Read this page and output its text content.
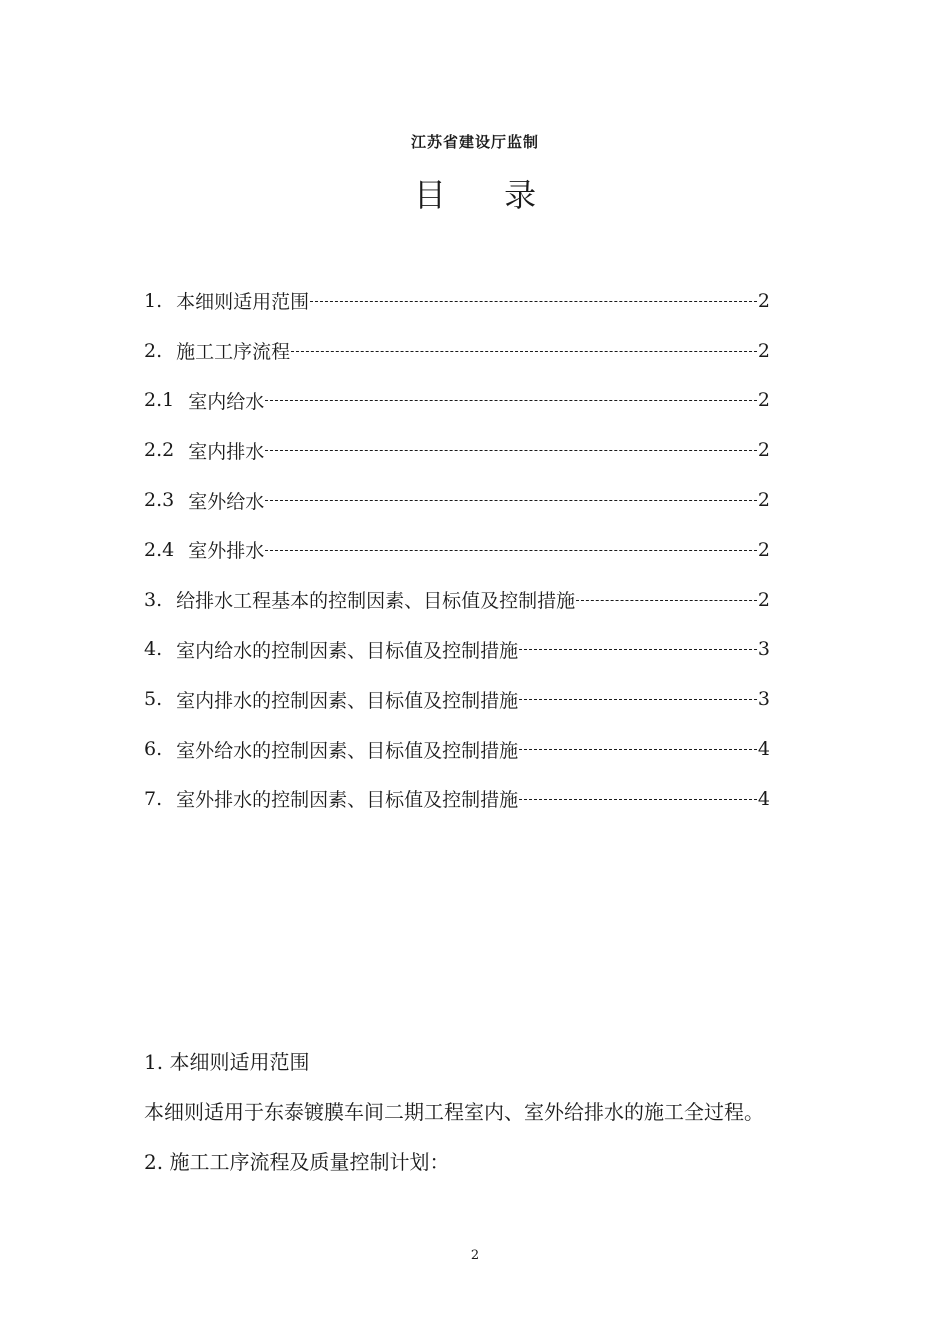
江苏省建设厅监制
目 录
1. 本细则适用范围	2
2. 施工工序流程	2
2.1 室内给水	2
2.2 室内排水	2
2.3 室外给水	2
2.4 室外排水	2
3. 给排水工程基本的控制因素、目标值及控制措施	2
4. 室内给水的控制因素、目标值及控制措施	3
5. 室内排水的控制因素、目标值及控制措施	3
6. 室外给水的控制因素、目标值及控制措施	4
7. 室外排水的控制因素、目标值及控制措施	4
1. 本细则适用范围
本细则适用于东泰镀膜车间二期工程室内、室外给排水的施工全过程。
2. 施工工序流程及质量控制计划：
2
